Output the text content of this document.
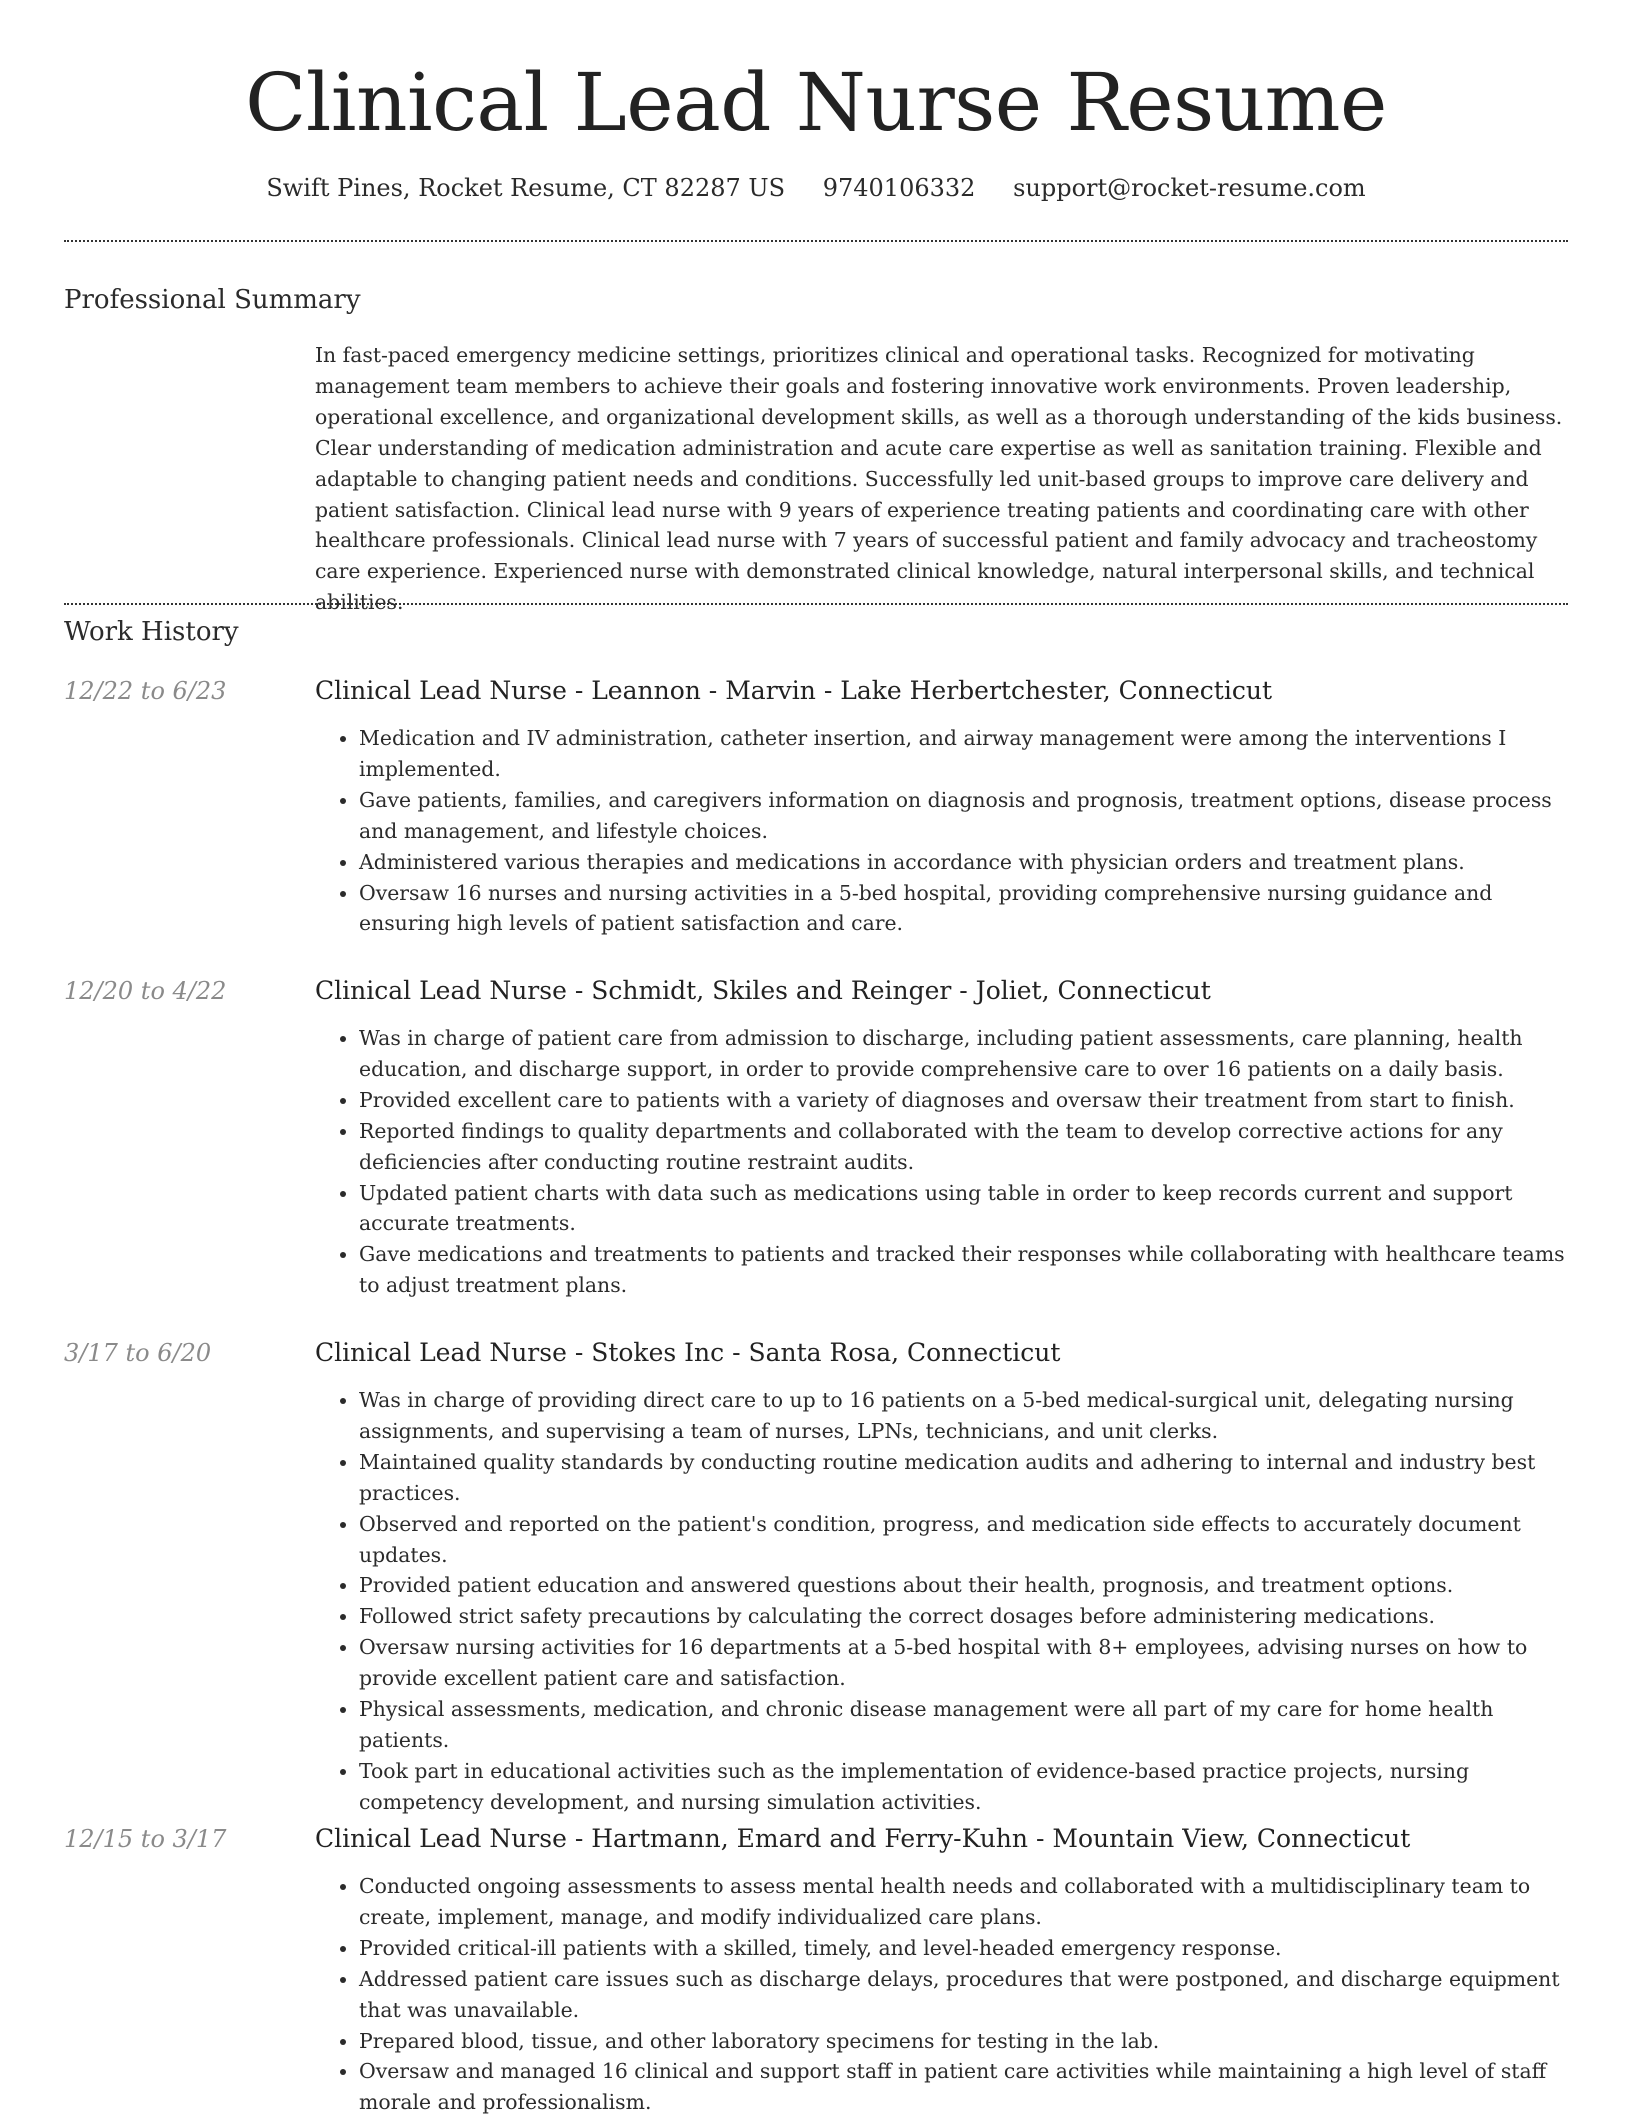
Clinical Lead Nurse Resume
Swift Pines, Rocket Resume, CT 82287 US 9740106332 support@rocket-resume.com
Professional Summary

In fast-paced emergency medicine settings, prioritizes clinical and operational tasks. Recognized for motivating management team members to achieve their goals and fostering innovative work environments. Proven leadership, operational excellence, and organizational development skills, as well as a thorough understanding of the kids business. Clear understanding of medication administration and acute care expertise as well as sanitation training. Flexible and adaptable to changing patient needs and conditions. Successfully led unit-based groups to improve care delivery and patient satisfaction. Clinical lead nurse with 9 years of experience treating patients and coordinating care with other healthcare professionals. Clinical lead nurse with 7 years of successful patient and family advocacy and tracheostomy care experience. Experienced nurse with demonstrated clinical knowledge, natural interpersonal skills, and technical abilities.

Work History
12/22 to 6/23	Clinical Lead Nurse - Leannon - Marvin - Lake Herbertchester, Connecticut
• Medication and IV administration, catheter insertion, and airway management were among the interventions I implemented.
• Gave patients, families, and caregivers information on diagnosis and prognosis, treatment options, disease process and management, and lifestyle choices.
• Administered various therapies and medications in accordance with physician orders and treatment plans.
• Oversaw 16 nurses and nursing activities in a 5-bed hospital, providing comprehensive nursing guidance and ensuring high levels of patient satisfaction and care.
12/20 to 4/22	Clinical Lead Nurse - Schmidt, Skiles and Reinger - Joliet, Connecticut
• Was in charge of patient care from admission to discharge, including patient assessments, care planning, health education, and discharge support, in order to provide comprehensive care to over 16 patients on a daily basis.
• Provided excellent care to patients with a variety of diagnoses and oversaw their treatment from start to finish.
• Reported findings to quality departments and collaborated with the team to develop corrective actions for any deficiencies after conducting routine restraint audits.
• Updated patient charts with data such as medications using table in order to keep records current and support accurate treatments.
• Gave medications and treatments to patients and tracked their responses while collaborating with healthcare teams to adjust treatment plans.
3/17 to 6/20	Clinical Lead Nurse - Stokes Inc - Santa Rosa, Connecticut
• Was in charge of providing direct care to up to 16 patients on a 5-bed medical-surgical unit, delegating nursing assignments, and supervising a team of nurses, LPNs, technicians, and unit clerks.
• Maintained quality standards by conducting routine medication audits and adhering to internal and industry best practices.
• Observed and reported on the patient's condition, progress, and medication side effects to accurately document updates.
• Provided patient education and answered questions about their health, prognosis, and treatment options.
• Followed strict safety precautions by calculating the correct dosages before administering medications.
• Oversaw nursing activities for 16 departments at a 5-bed hospital with 8+ employees, advising nurses on how to provide excellent patient care and satisfaction.
• Physical assessments, medication, and chronic disease management were all part of my care for home health patients.
• Took part in educational activities such as the implementation of evidence-based practice projects, nursing competency development, and nursing simulation activities.
12/15 to 3/17	Clinical Lead Nurse - Hartmann, Emard and Ferry-Kuhn - Mountain View, Connecticut
• Conducted ongoing assessments to assess mental health needs and collaborated with a multidisciplinary team to create, implement, manage, and modify individualized care plans.
• Provided critical-ill patients with a skilled, timely, and level-headed emergency response.
• Addressed patient care issues such as discharge delays, procedures that were postponed, and discharge equipment that was unavailable.
• Prepared blood, tissue, and other laboratory specimens for testing in the lab.
• Oversaw and managed 16 clinical and support staff in patient care activities while maintaining a high level of staff morale and professionalism.
